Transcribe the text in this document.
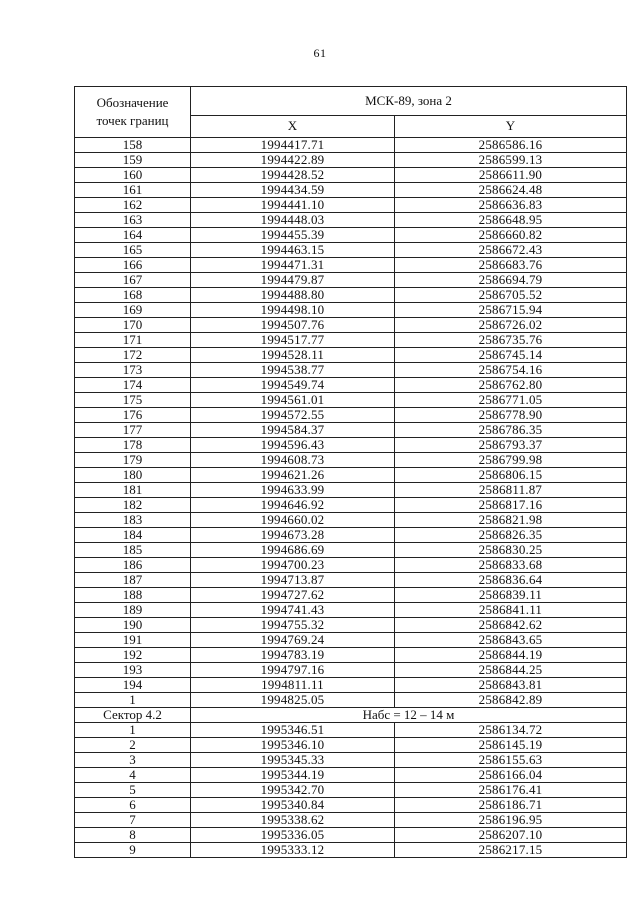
61
Обозначение
точек границ	МСК-89, зона 2	
	X	Y
158	1994417.71	2586586.16
159	1994422.89	2586599.13
160	1994428.52	2586611.90
161	1994434.59	2586624.48
162	1994441.10	2586636.83
163	1994448.03	2586648.95
164	1994455.39	2586660.82
165	1994463.15	2586672.43
166	1994471.31	2586683.76
167	1994479.87	2586694.79
168	1994488.80	2586705.52
169	1994498.10	2586715.94
170	1994507.76	2586726.02
171	1994517.77	2586735.76
172	1994528.11	2586745.14
173	1994538.77	2586754.16
174	1994549.74	2586762.80
175	1994561.01	2586771.05
176	1994572.55	2586778.90
177	1994584.37	2586786.35
178	1994596.43	2586793.37
179	1994608.73	2586799.98
180	1994621.26	2586806.15
181	1994633.99	2586811.87
182	1994646.92	2586817.16
183	1994660.02	2586821.98
184	1994673.28	2586826.35
185	1994686.69	2586830.25
186	1994700.23	2586833.68
187	1994713.87	2586836.64
188	1994727.62	2586839.11
189	1994741.43	2586841.11
190	1994755.32	2586842.62
191	1994769.24	2586843.65
192	1994783.19	2586844.19
193	1994797.16	2586844.25
194	1994811.11	2586843.81
1	1994825.05	2586842.89
Сектор 4.2	Набс = 12 – 14 м	
1	1995346.51	2586134.72
2	1995346.10	2586145.19
3	1995345.33	2586155.63
4	1995344.19	2586166.04
5	1995342.70	2586176.41
6	1995340.84	2586186.71
7	1995338.62	2586196.95
8	1995336.05	2586207.10
9	1995333.12	2586217.15
